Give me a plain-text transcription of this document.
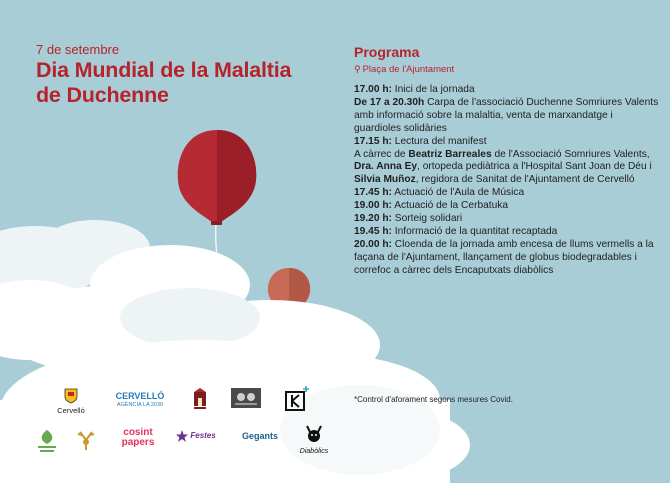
7 de setembre
Dia Mundial de la Malaltia
de Duchenne
Programa
⚲ Plaça de l'Ajuntament

17.00 h: Inici de la jornada

De 17 a 20.30h Carpa de l'associació Duchenne Somriures Valents amb informació sobre la malaltia, venta de marxandatge i guardioles solidàries

17.15 h: Lectura del manifest

A càrrec de Beatriz Barreales de l'Associació Somriures Valents, Dra. Anna Ey, ortopeda pediàtrica a l'Hospital Sant Joan de Déu i Silvia Muñoz, regidora de Sanitat de l'Ajuntament de Cervelló

17.45 h: Actuació de l'Aula de Música

19.00 h: Actuació de la Cerbatuka

19.20 h: Sorteig solidari

19.45 h: Informació de la quantitat recaptada

20.00 h: Cloenda de la jornada amb encesa de llums vermells a la façana de l'Ajuntament, llançament de globus biodegradables i correfoc a càrrec dels Encaputxats diabòlics

*Control d'aforament segons mesures Covid.
Cervelló
CERVELLÓ
AGÈNCIA LA 2030
cosint
papers
Festes	Gegants
Diabòlics
